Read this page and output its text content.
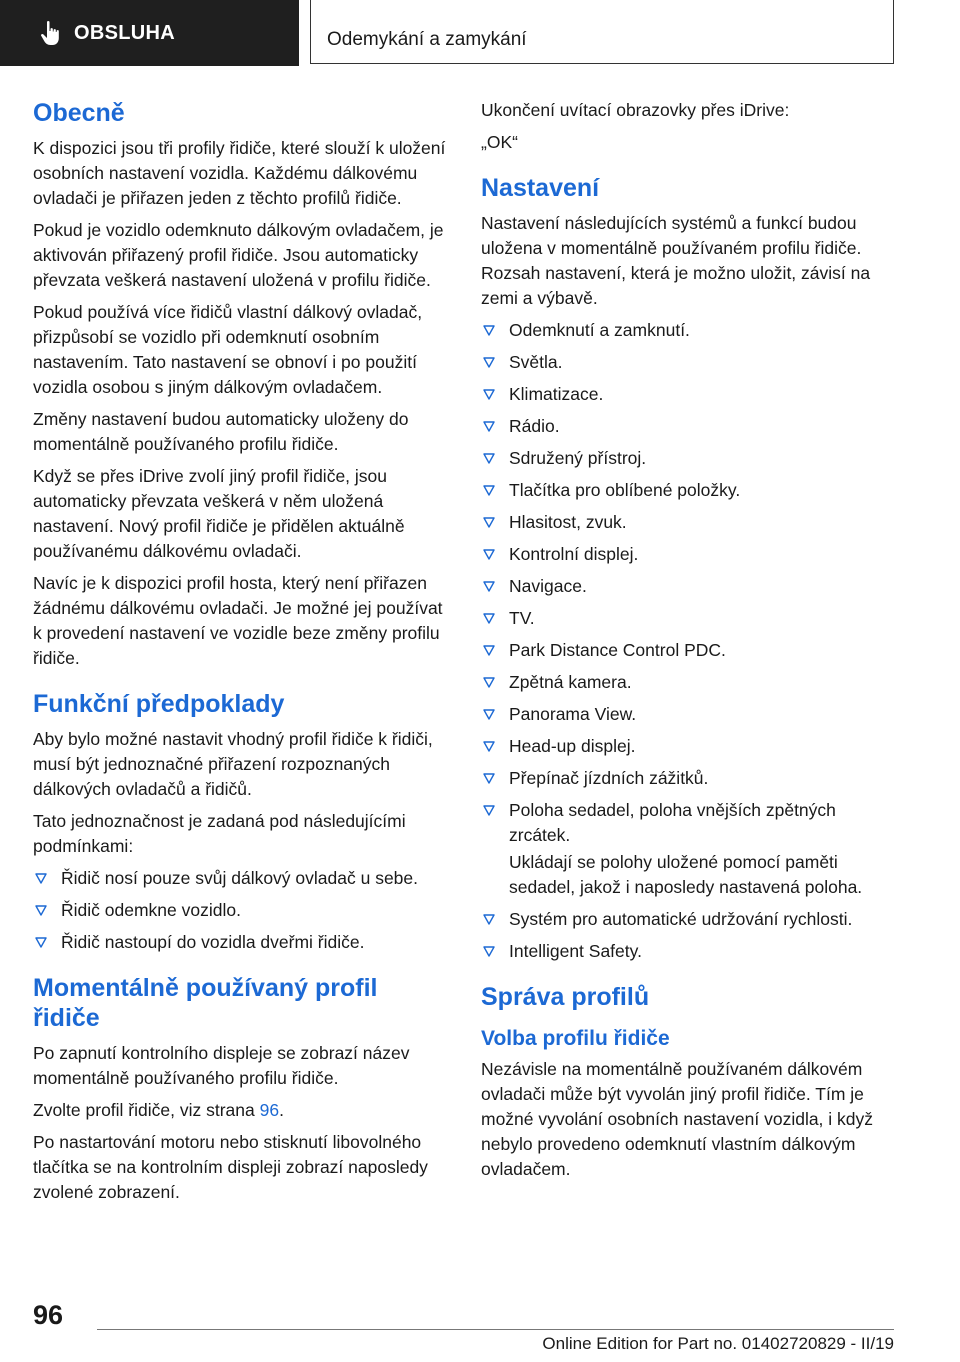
OBSLUHA	Odemykání a zamykání
Obecně

K dispozici jsou tři profily řidiče, které slouží k uložení osobních nastavení vozidla. Každému dálkovému ovladači je přiřazen jeden z těchto profilů řidiče.

Pokud je vozidlo odemknuto dálkovým ovladačem, je aktivován přiřazený profil řidiče. Jsou automaticky převzata veškerá nastavení uložená v profilu řidiče.

Pokud používá více řidičů vlastní dálkový ovladač, přizpůsobí se vozidlo při odemknutí osobním nastavením. Tato nastavení se obnoví i po použití vozidla osobou s jiným dálkovým ovladačem.

Změny nastavení budou automaticky uloženy do momentálně používaného profilu řidiče.

Když se přes iDrive zvolí jiný profil řidiče, jsou automaticky převzata veškerá v něm uložená nastavení. Nový profil řidiče je přidělen aktuálně používanému dálkovému ovladači.

Navíc je k dispozici profil hosta, který není přiřazen žádnému dálkovému ovladači. Je možné jej používat k provedení nastavení ve vozidle beze změny profilu řidiče.

Funkční předpoklady

Aby bylo možné nastavit vhodný profil řidiče k řidiči, musí být jednoznačné přiřazení rozpoznaných dálkových ovladačů a řidičů.

Tato jednoznačnost je zadaná pod následujícími podmínkami:

Řidič nosí pouze svůj dálkový ovladač u sebe.
Řidič odemkne vozidlo.
Řidič nastoupí do vozidla dveřmi řidiče.
Momentálně používaný profil řidiče

Po zapnutí kontrolního displeje se zobrazí název momentálně používaného profilu řidiče.

Zvolte profil řidiče, viz strana 96.

Po nastartování motoru nebo stisknutí libovolného tlačítka se na kontrolním displeji zobrazí naposledy zvolené zobrazení.

Ukončení uvítací obrazovky přes iDrive:

„OK“

Nastavení

Nastavení následujících systémů a funkcí budou uložena v momentálně používaném profilu řidiče. Rozsah nastavení, která je možno uložit, závisí na zemi a výbavě.

Odemknutí a zamknutí.
Světla.
Klimatizace.
Rádio.
Sdružený přístroj.
Tlačítka pro oblíbené položky.
Hlasitost, zvuk.
Kontrolní displej.
Navigace.
TV.
Park Distance Control PDC.
Zpětná kamera.
Panorama View.
Head-up displej.
Přepínač jízdních zážitků.
Poloha sedadel, poloha vnějších zpětných zrcátek.

Ukládají se polohy uložené pomocí paměti sedadel, jakož i naposledy nastavená poloha.

Systém pro automatické udržování rychlosti.
Intelligent Safety.
Správa profilů
Volba profilu řidiče

Nezávisle na momentálně používaném dálkovém ovladači může být vyvolán jiný profil řidiče. Tím je možné vyvolání osobních nastavení vozidla, i když nebylo provedeno odemknutí vlastním dálkovým ovladačem.

96
Online Edition for Part no. 01402720829 - II/19
